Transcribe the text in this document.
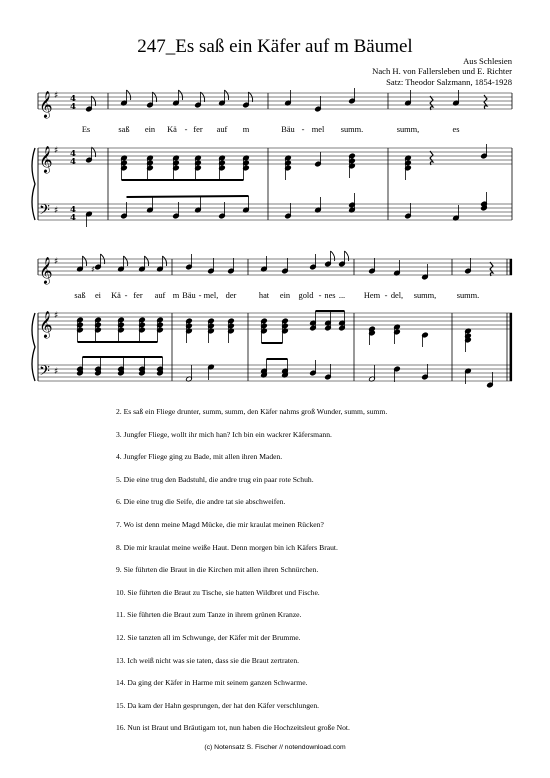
247_Es saß ein Käfer auf m Bäumel
Aus Schlesien
Nach H. von Fallersleben und E. Richter
Satz: Theodor Salzmann, 1854-1928
𝄞 ♯
𝄞 ♯
𝄢 ♯
4
4
4
4
4
4
Es	saß ein Kä - fer auf m	Bäu - mel summ.	summ,	es
𝄞 ♯
𝄞 ♯
𝄢 ♯
♯
saß ei Kä - fer auf m Bäu - mel, der	hat ein gold - nes ... Hem - del, summ, summ.
2. Es saß ein Fliege drunter, summ, summ, den Käfer nahms groß Wunder, summ, summ.
3. Jungfer Fliege, wollt ihr mich han? Ich bin ein wackrer Käfersmann.
4. Jungfer Fliege ging zu Bade, mit allen ihren Maden.
5. Die eine trug den Badstuhl, die andre trug ein paar rote Schuh.
6. Die eine trug die Seife, die andre tat sie abschweifen.
7. Wo ist denn meine Magd Mücke, die mir kraulat meinen Rücken?
8. Die mir kraulat meine weiße Haut. Denn morgen bin ich Käfers Braut.
9. Sie führten die Braut in die Kirchen mit allen ihren Schnürchen.
10. Sie führten die Braut zu Tische, sie hatten Wildbret und Fische.
11. Sie führten die Braut zum Tanze in ihrem grünen Kranze.
12. Sie tanzten all im Schwunge, der Käfer mit der Brumme.
13. Ich weiß nicht was sie taten, dass sie die Braut zertraten.
14. Da ging der Käfer in Harme mit seinem ganzen Schwarme.
15. Da kam der Hahn gesprungen, der hat den Käfer verschlungen.
16. Nun ist Braut und Bräutigam tot, nun haben die Hochzeitsleut große Not.
(c) Notensatz S. Fischer // notendownload.com
